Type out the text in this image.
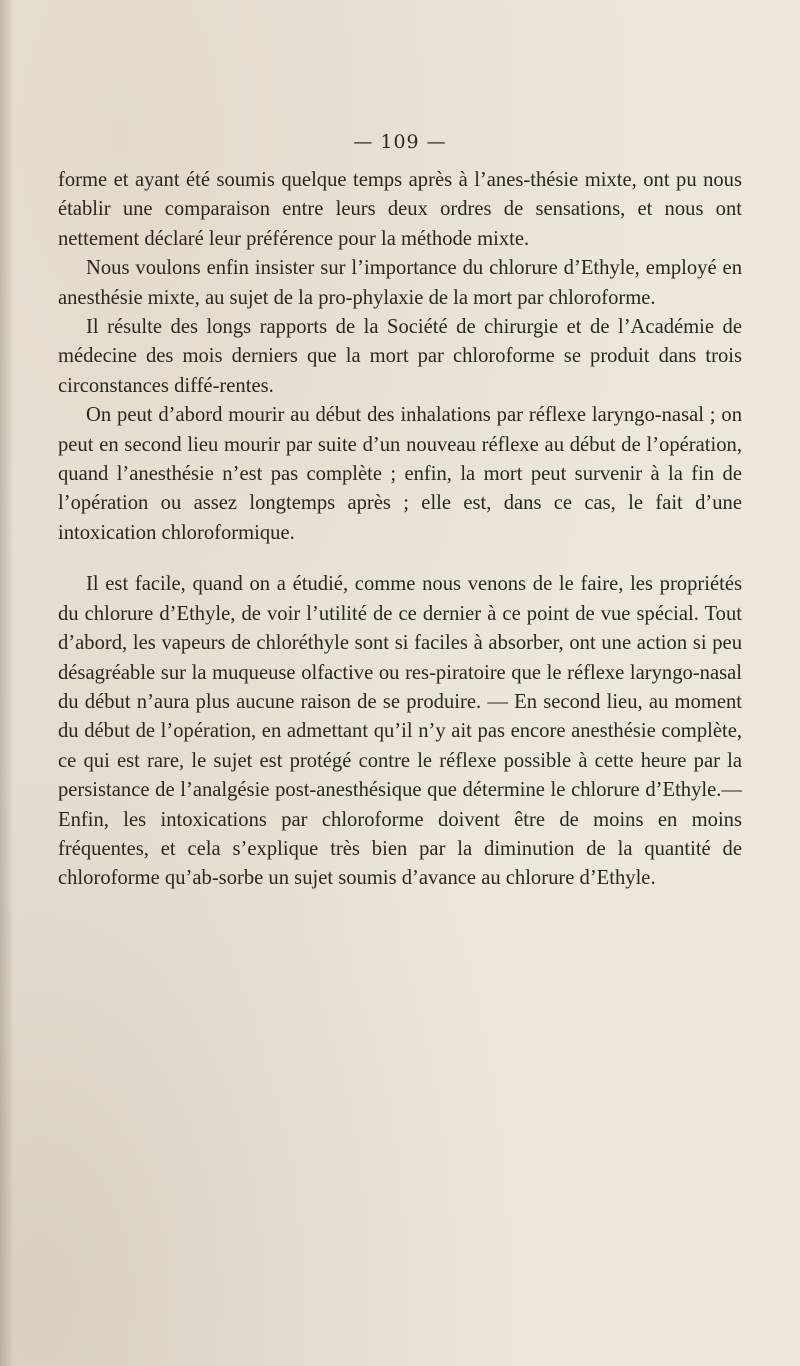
— 109 —

forme et ayant été soumis quelque temps après à l’anes-thésie mixte, ont pu nous établir une comparaison entre leurs deux ordres de sensations, et nous ont nettement déclaré leur préférence pour la méthode mixte.

Nous voulons enfin insister sur l’importance du chlorure d’Ethyle, employé en anesthésie mixte, au sujet de la pro-phylaxie de la mort par chloroforme.

Il résulte des longs rapports de la Société de chirurgie et de l’Académie de médecine des mois derniers que la mort par chloroforme se produit dans trois circonstances diffé-rentes.

On peut d’abord mourir au début des inhalations par réflexe laryngo-nasal ; on peut en second lieu mourir par suite d’un nouveau réflexe au début de l’opération, quand l’anesthésie n’est pas complète ; enfin, la mort peut survenir à la fin de l’opération ou assez longtemps après ; elle est, dans ce cas, le fait d’une intoxication chloroformique.

Il est facile, quand on a étudié, comme nous venons de le faire, les propriétés du chlorure d’Ethyle, de voir l’utilité de ce dernier à ce point de vue spécial. Tout d’abord, les vapeurs de chloréthyle sont si faciles à absorber, ont une action si peu désagréable sur la muqueuse olfactive ou res-piratoire que le réflexe laryngo-nasal du début n’aura plus aucune raison de se produire. — En second lieu, au moment du début de l’opération, en admettant qu’il n’y ait pas encore anesthésie complète, ce qui est rare, le sujet est protégé contre le réflexe possible à cette heure par la persistance de l’analgésie post-anesthésique que détermine le chlorure d’Ethyle.— Enfin, les intoxications par chloroforme doivent être de moins en moins fréquentes, et cela s’explique très bien par la diminution de la quantité de chloroforme qu’ab-sorbe un sujet soumis d’avance au chlorure d’Ethyle.
